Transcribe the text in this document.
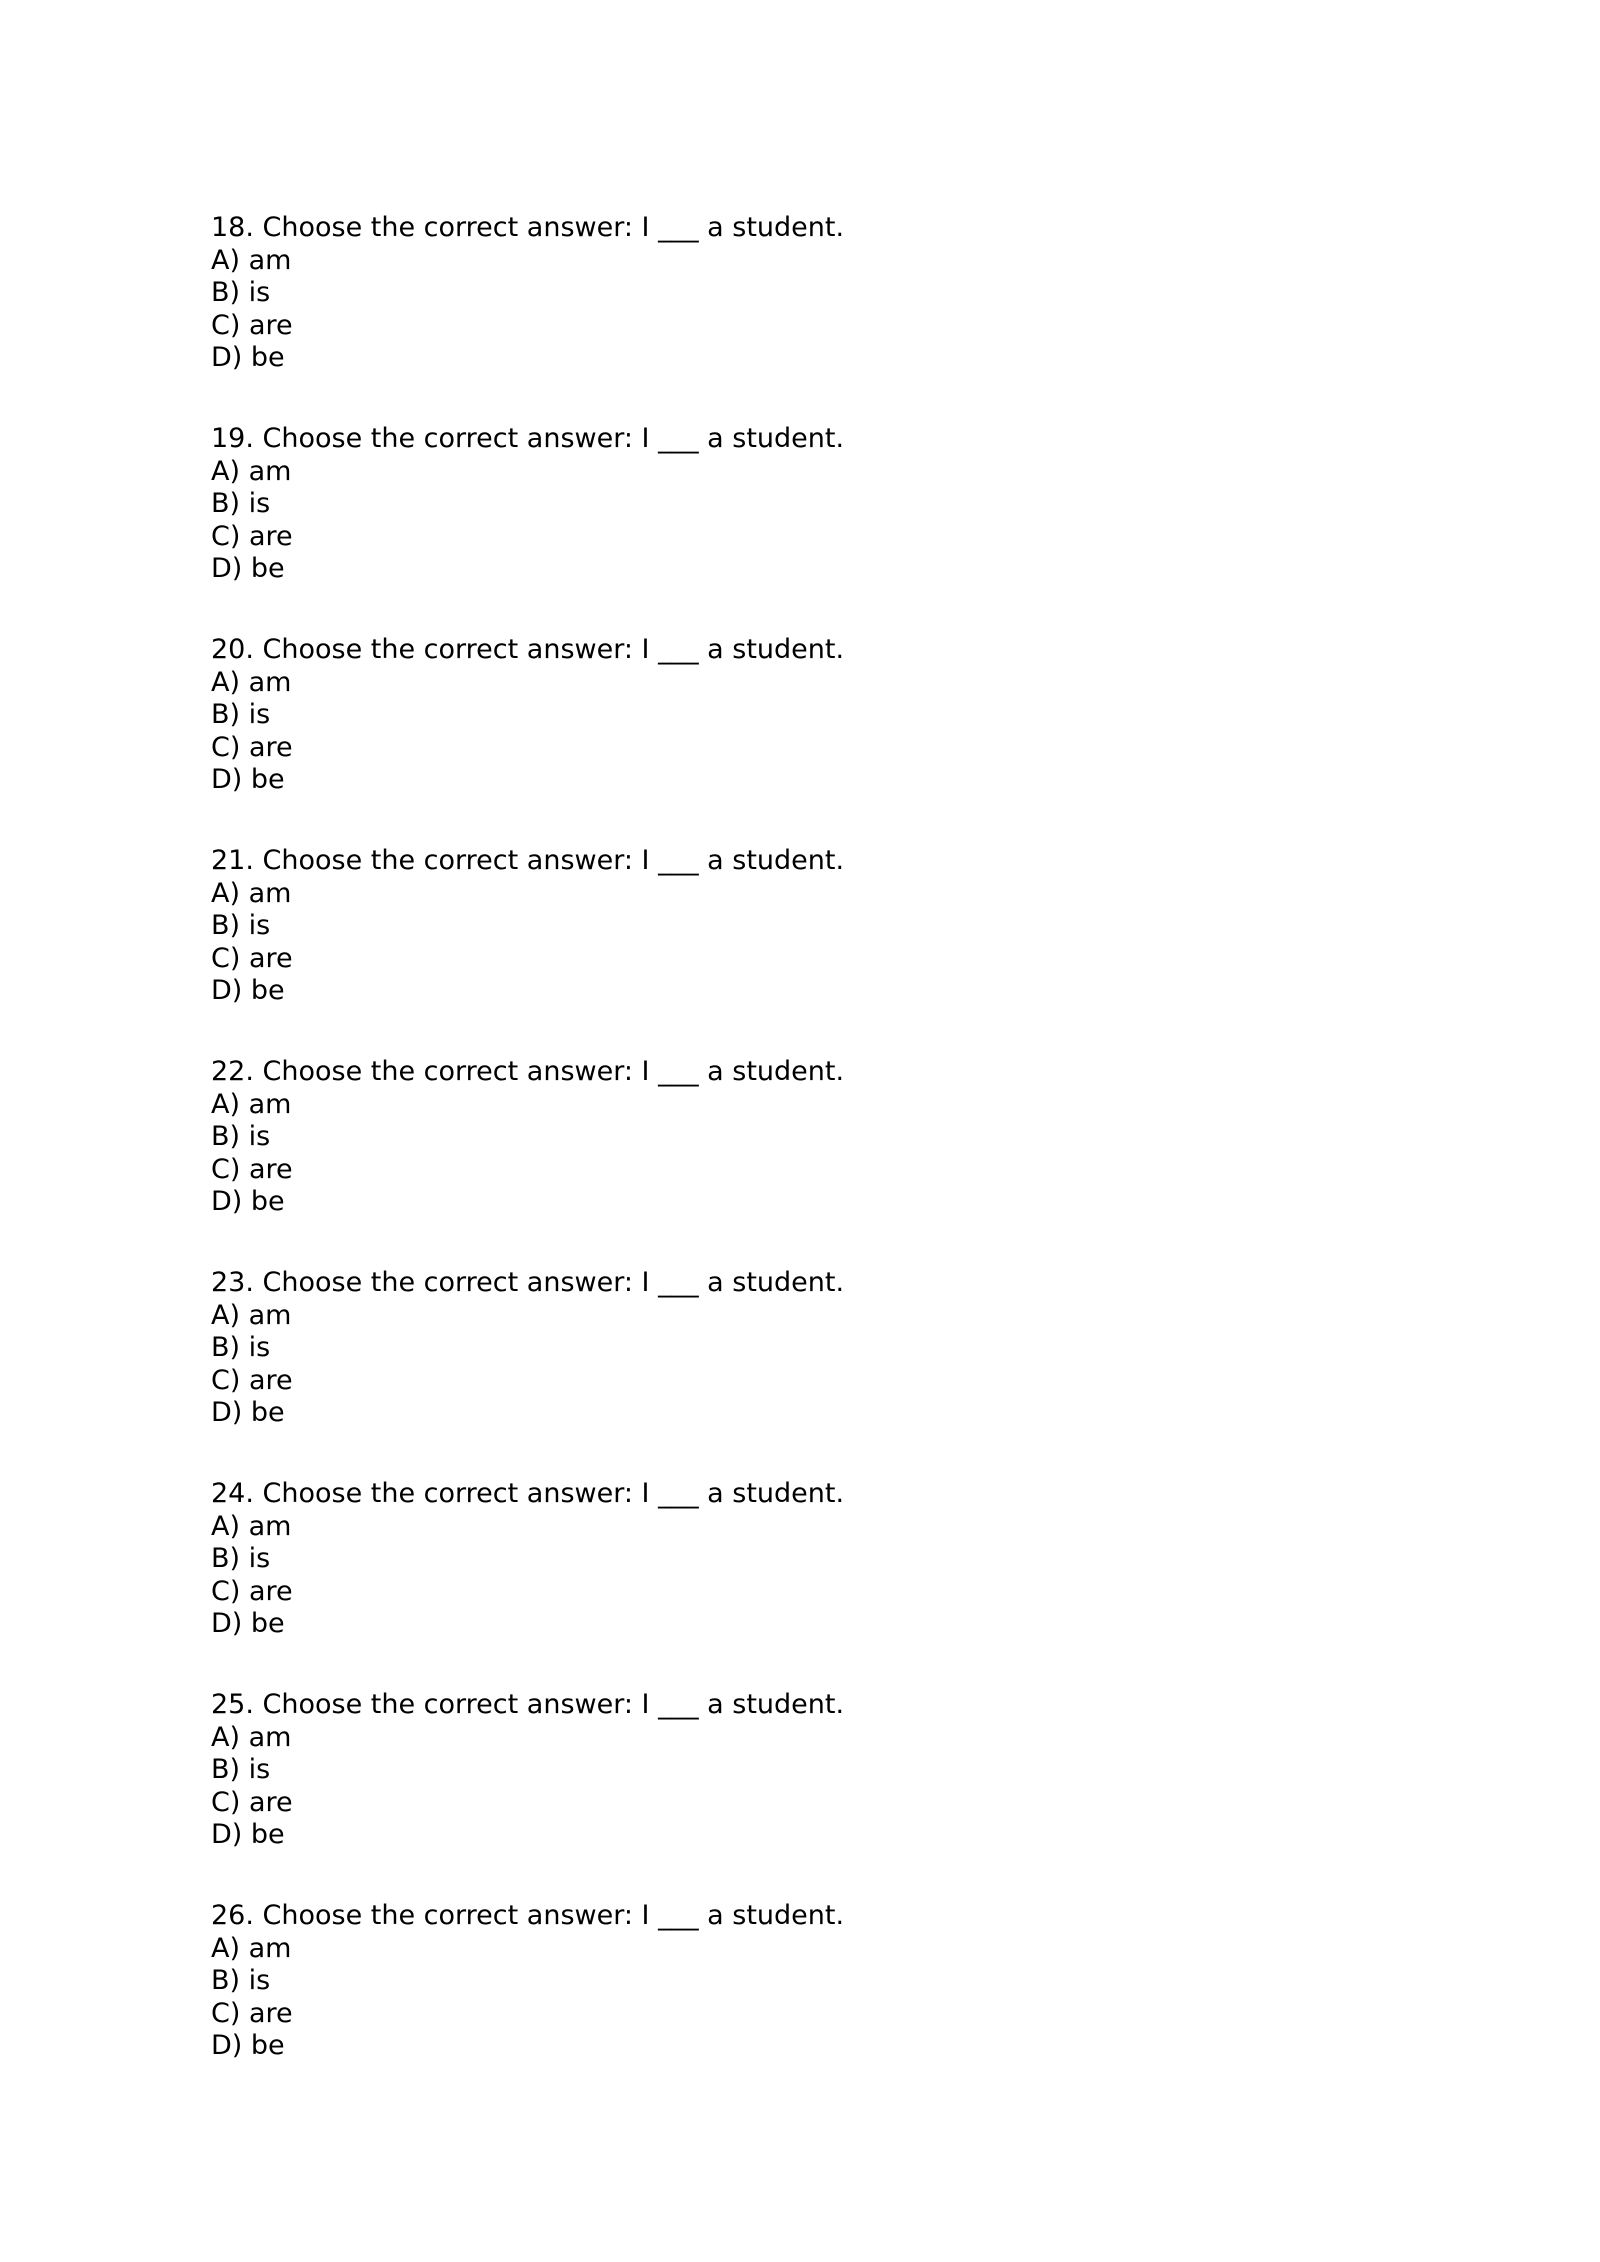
18. Choose the correct answer: I ___ a student.
A) am
B) is
C) are
D) be
19. Choose the correct answer: I ___ a student.
A) am
B) is
C) are
D) be
20. Choose the correct answer: I ___ a student.
A) am
B) is
C) are
D) be
21. Choose the correct answer: I ___ a student.
A) am
B) is
C) are
D) be
22. Choose the correct answer: I ___ a student.
A) am
B) is
C) are
D) be
23. Choose the correct answer: I ___ a student.
A) am
B) is
C) are
D) be
24. Choose the correct answer: I ___ a student.
A) am
B) is
C) are
D) be
25. Choose the correct answer: I ___ a student.
A) am
B) is
C) are
D) be
26. Choose the correct answer: I ___ a student.
A) am
B) is
C) are
D) be
